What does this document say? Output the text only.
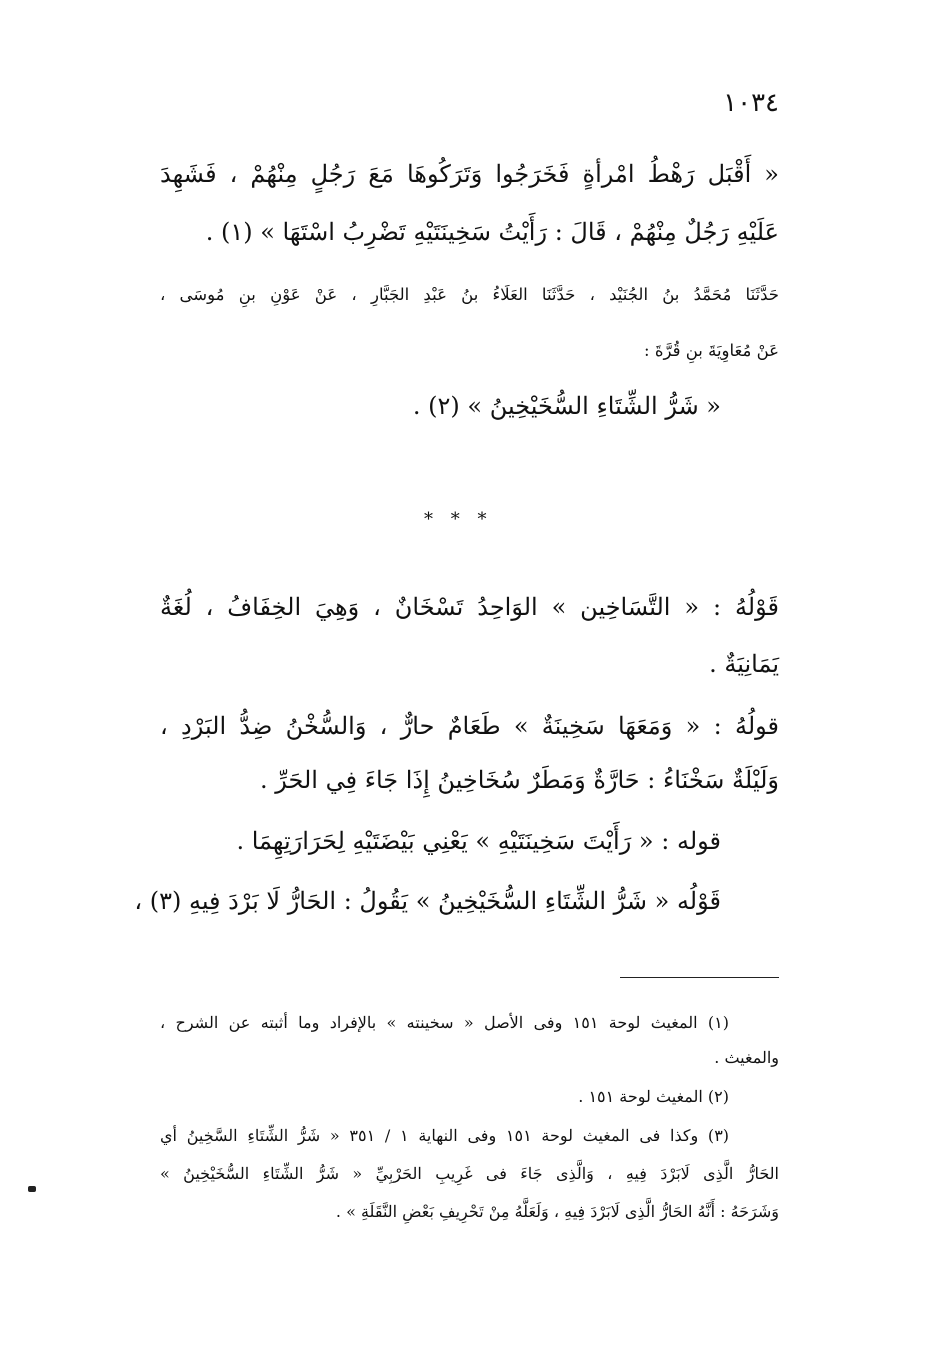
١٠٣٤
« أَقْبَل رَهْطُ امْرأةٍ فَخَرَجُوا وَتَرَكُوهَا مَعَ رَجُلٍ مِنْهُمْ ، فَشَهِدَ
عَلَيْهِ رَجُلٌ مِنْهُمْ ، قَالَ : رَأَيْتُ سَخِينَتَيْهِ تَضْرِبُ اسْتَهَا » (١) .
حَدَّثَنَا مُحَمَّدُ بنُ الجُنَيْد ، حَدَّثَنَا العَلَاءُ بنُ عَبْدِ الجَبَّارِ ، عَنْ عَوْنِ بنِ مُوسَى ،
عَنْ مُعَاوِيَةَ بنِ قُرَّةَ :
« شَرُّ الشِّتَاءِ السُّخَيْخِينُ » (٢) .
* * *
قَوْلُهُ : « التَّسَاخِين » الوَاحِدُ تَسْخَانٌ ، وَهِيَ الخِفَافُ ، لُغَةٌ
يَمَانِيَةٌ .
قولُهُ : « وَمَعَهَا سَخِينَةٌ » طَعَامٌ حارٌّ ، وَالسُّخْنُ ضِدُّ البَرْدِ ،
وَلَيْلَةٌ سَخْنَاءُ : حَارَّةٌ وَمَطَرٌ سُخَاخِينُ إِذَا جَاءَ فِي الحَرِّ .
قوله : « رَأَيْتَ سَخِينَتَيْهِ » يَعْنِي بَيْضَتَيْهِ لِحَرَارَتِهِمَا .
قَوْلُه « شَرُّ الشِّتَاءِ السُّخَيْخِينُ » يَقُولُ : الحَارُّ لَا بَرْدَ فِيهِ (٣) ،
(١) المغيث لوحة ١٥١ وفى الأصل « سخينته » بالإفراد وما أثبته عن الشرح ،
والمغيث .
(٢) المغيث لوحة ١٥١ .
(٣) وكذا فى المغيث لوحة ١٥١ وفى النهاية ١ / ٣٥١ « شَرُّ الشِّتَاءِ السَّخِينُ أي
الحَارُّ الَّذِى لَابَرْدَ فِيهِ ، وَالَّذِى جَاءَ فى غَرِيبِ الحَرْبِيِّ « شَرُّ الشِّتَاءِ السُّخَيْخِينُ »
وَشَرَحَهُ : أَنَّهُ الحَارُّ الَّذِى لَابَرْدَ فِيهِ ، وَلَعَلَّهُ مِنْ تَحْرِيفِ بَعْضِ النَّقَلَةِ » .
